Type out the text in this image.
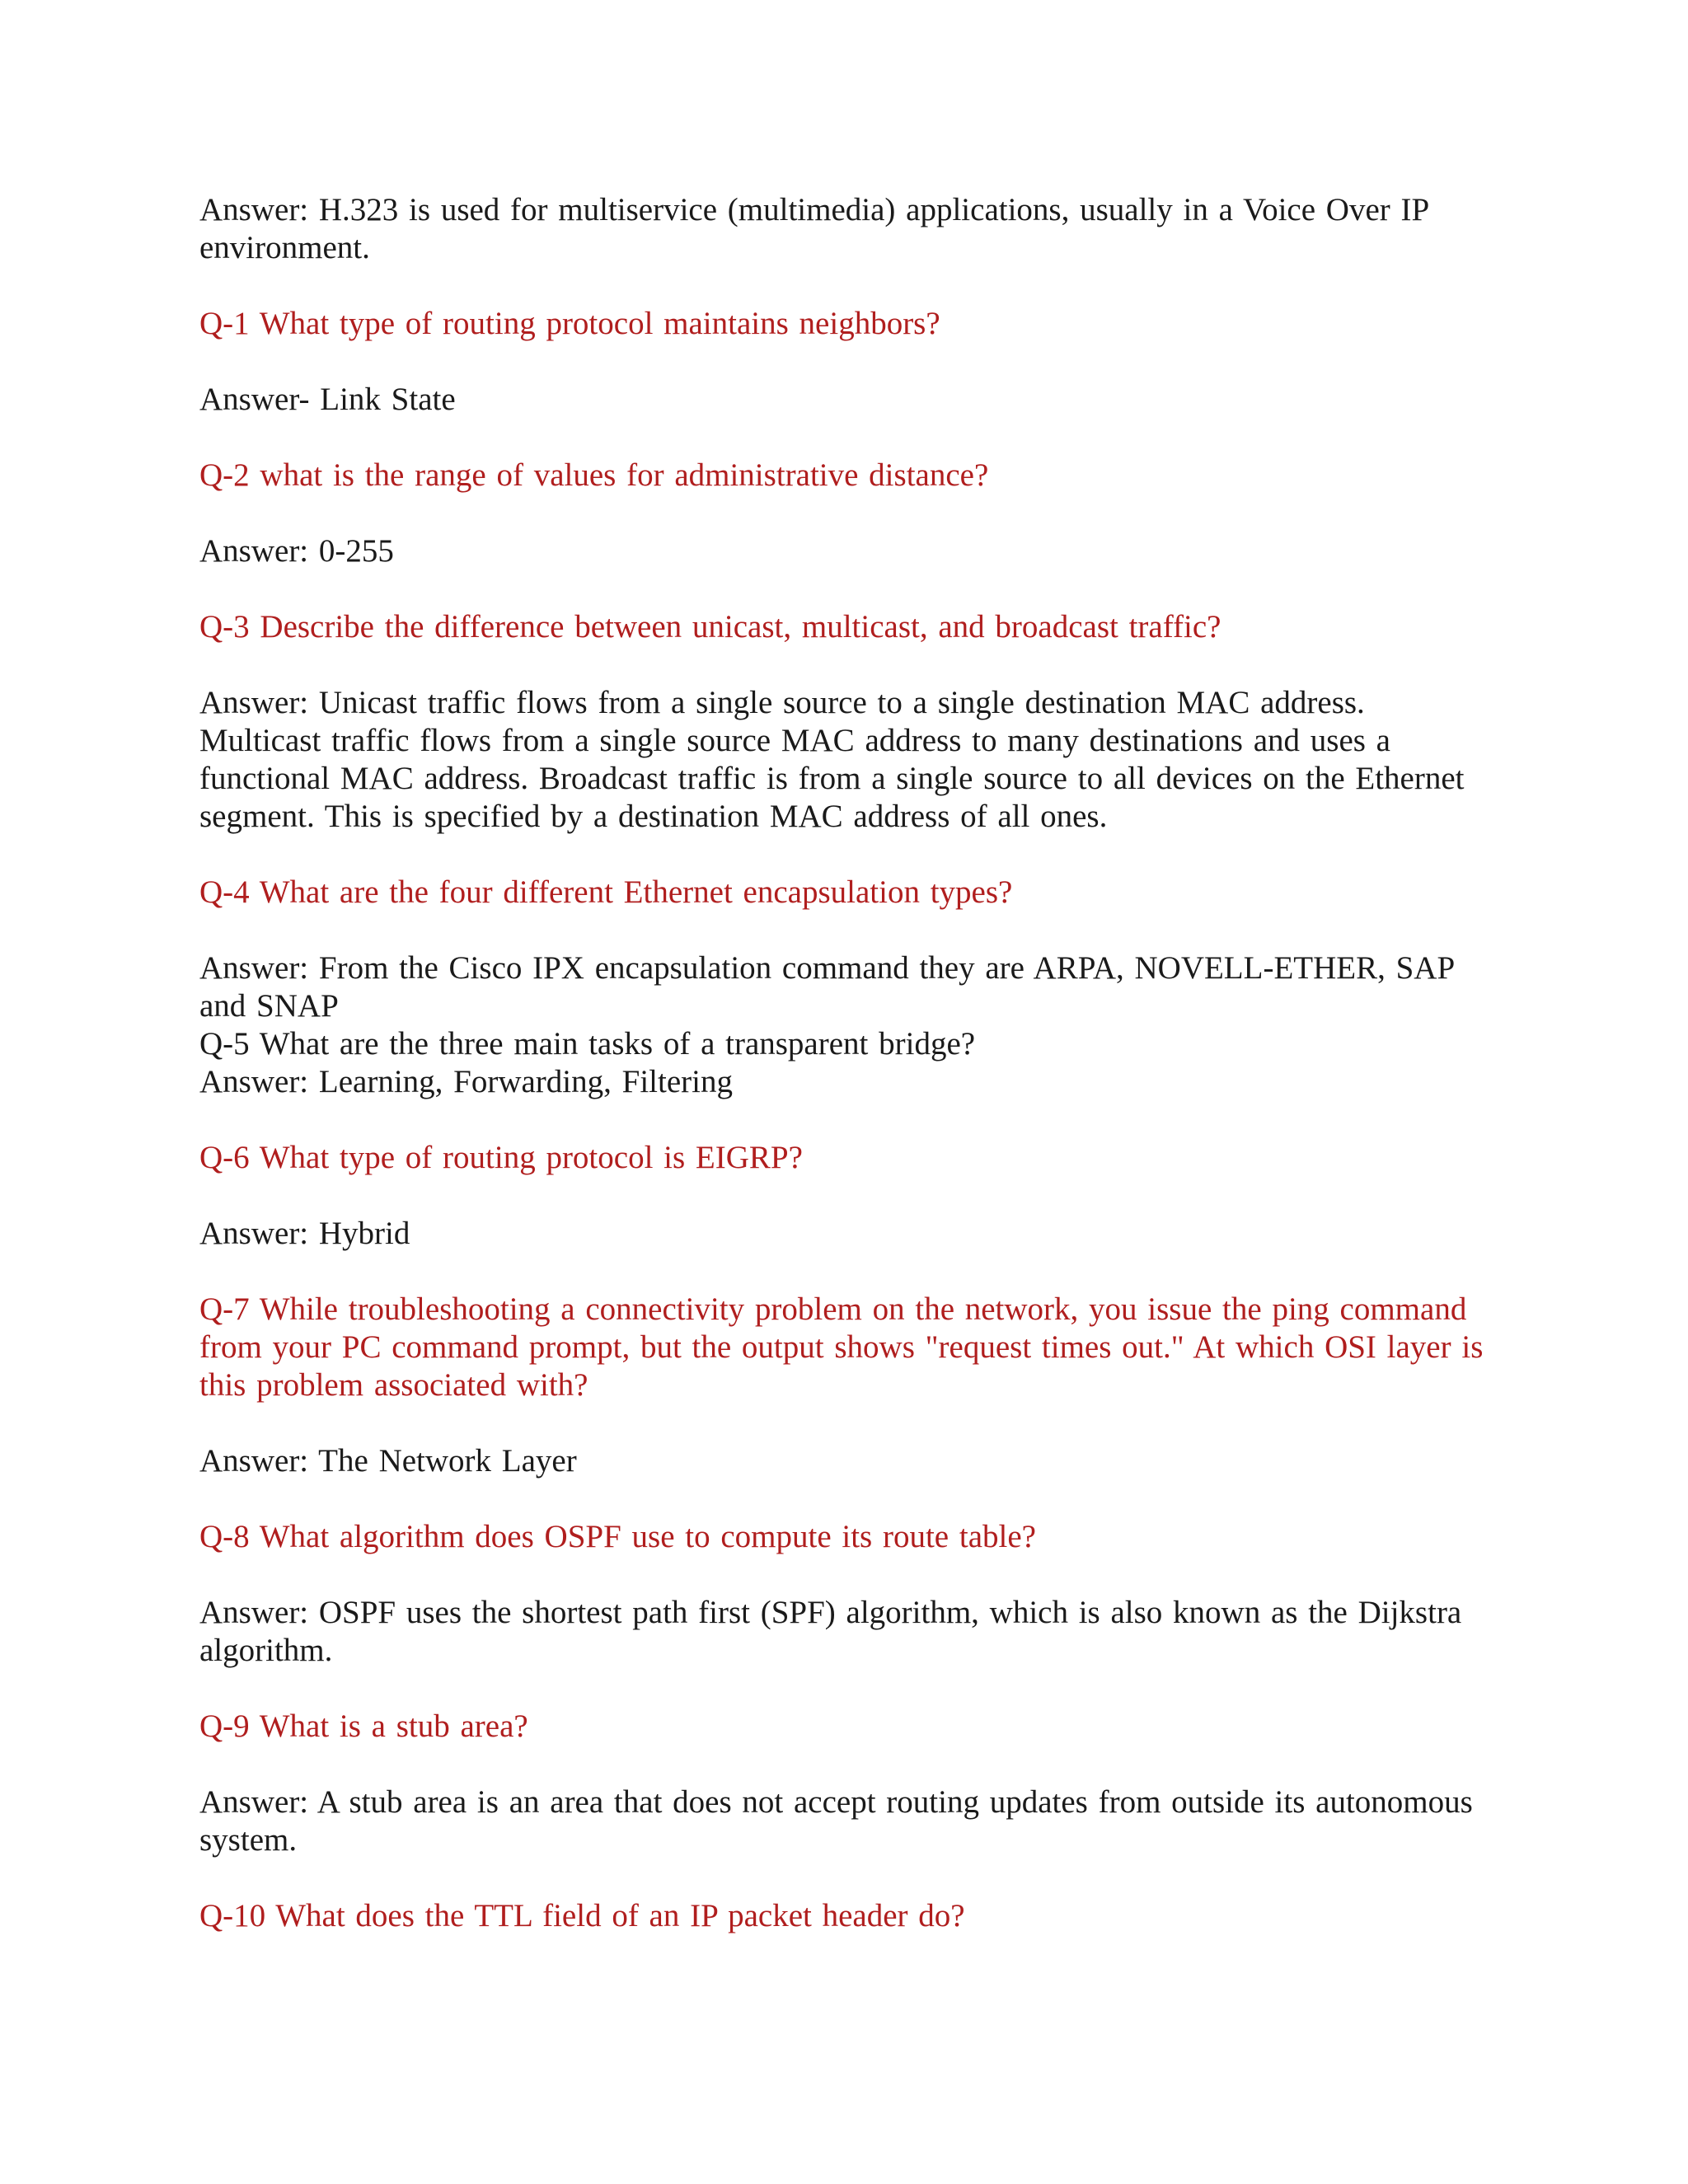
Answer: H.323 is used for multiservice (multimedia) applications, usually in a Voice Over IP environment.

Q-1 What type of routing protocol maintains neighbors?

Answer- Link State

Q-2 what is the range of values for administrative distance?

Answer: 0-255

Q-3 Describe the difference between unicast, multicast, and broadcast traffic?

Answer: Unicast traffic flows from a single source to a single destination MAC address. Multicast traffic flows from a single source MAC address to many destinations and uses a functional MAC address. Broadcast traffic is from a single source to all devices on the Ethernet segment. This is specified by a destination MAC address of all ones.

Q-4 What are the four different Ethernet encapsulation types?

Answer: From the Cisco IPX encapsulation command they are ARPA, NOVELL-ETHER, SAP and SNAP

Q-5 What are the three main tasks of a transparent bridge?

Answer: Learning, Forwarding, Filtering

Q-6 What type of routing protocol is EIGRP?

Answer: Hybrid

Q-7 While troubleshooting a connectivity problem on the network, you issue the ping command from your PC command prompt, but the output shows "request times out." At which OSI layer is this problem associated with?

Answer: The Network Layer

Q-8 What algorithm does OSPF use to compute its route table?

Answer: OSPF uses the shortest path first (SPF) algorithm, which is also known as the Dijkstra algorithm.

Q-9 What is a stub area?

Answer: A stub area is an area that does not accept routing updates from outside its autonomous system.

Q-10 What does the TTL field of an IP packet header do?
